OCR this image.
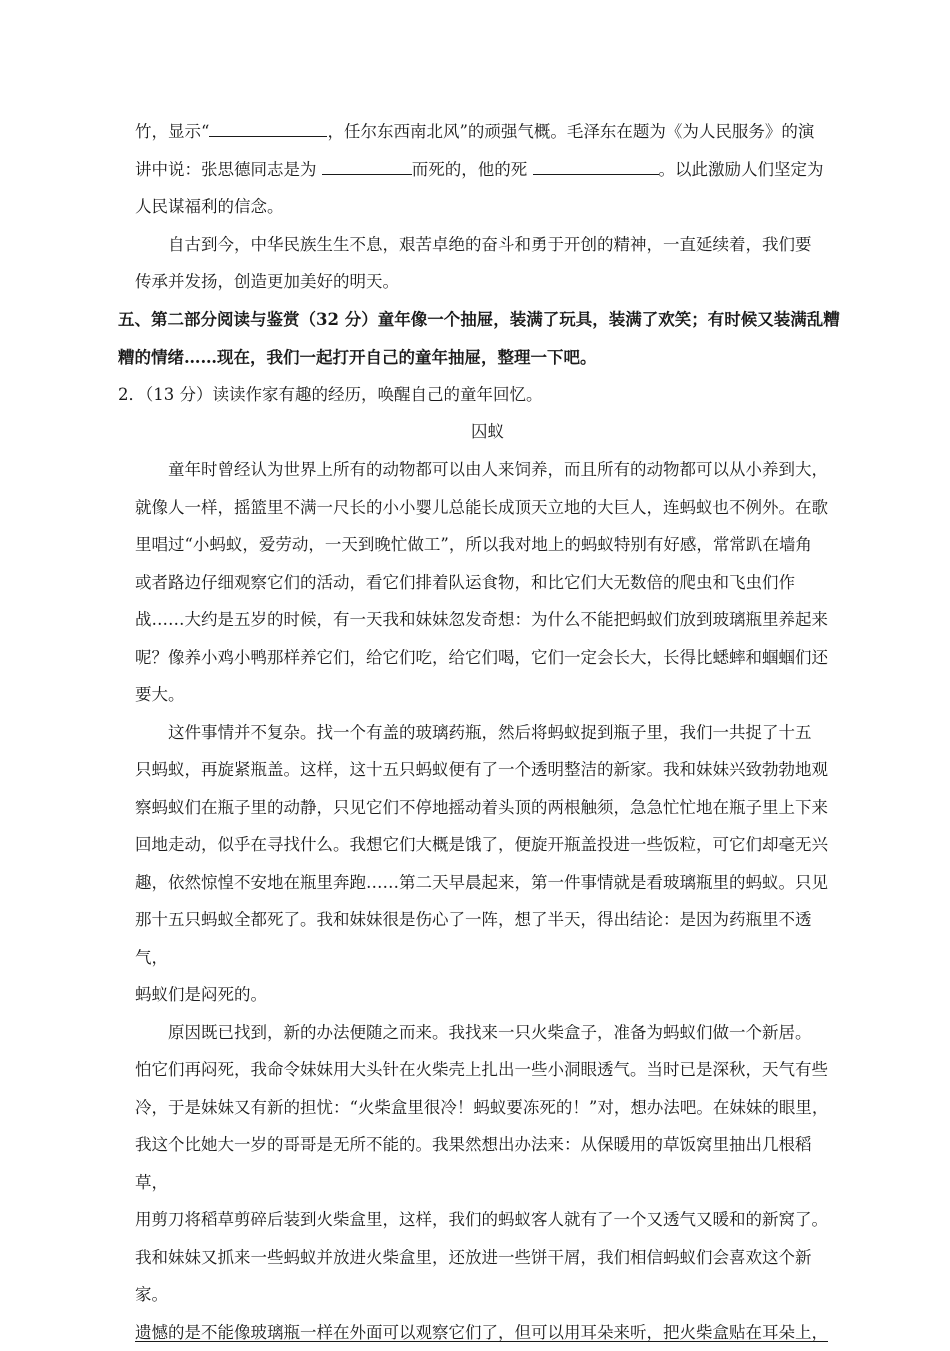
竹，显示“	，任尔东西南北风”的顽强气概。毛泽东在题为《为人民服务》的演

讲中说：张思德同志是为	而死的，他的死	。以此激励人们坚定为

人民谋福利的信念。

自古到今，中华民族生生不息，艰苦卓绝的奋斗和勇于开创的精神，一直延续着，我们要

传承并发扬，创造更加美好的明天。

五、第二部分阅读与鉴赏（32 分）童年像一个抽屉，装满了玩具，装满了欢笑；有时候又装满乱糟

糟的情绪……现在，我们一起打开自己的童年抽屉，整理一下吧。

2．（13 分）读读作家有趣的经历，唤醒自己的童年回忆。

囚蚁

童年时曾经认为世界上所有的动物都可以由人来饲养，而且所有的动物都可以从小养到大，

就像人一样，摇篮里不满一尺长的小小婴儿总能长成顶天立地的大巨人，连蚂蚁也不例外。在歌

里唱过“小蚂蚁，爱劳动，一天到晚忙做工”，所以我对地上的蚂蚁特别有好感，常常趴在墙角

或者路边仔细观察它们的活动，看它们排着队运食物，和比它们大无数倍的爬虫和飞虫们作

战……大约是五岁的时候，有一天我和妹妹忽发奇想：为什么不能把蚂蚁们放到玻璃瓶里养起来

呢？像养小鸡小鸭那样养它们，给它们吃，给它们喝，它们一定会长大，长得比蟋蟀和蝈蝈们还

要大。

这件事情并不复杂。找一个有盖的玻璃药瓶，然后将蚂蚁捉到瓶子里，我们一共捉了十五

只蚂蚁，再旋紧瓶盖。这样，这十五只蚂蚁便有了一个透明整洁的新家。我和妹妹兴致勃勃地观

察蚂蚁们在瓶子里的动静，只见它们不停地摇动着头顶的两根触须，急急忙忙地在瓶子里上下来

回地走动，似乎在寻找什么。我想它们大概是饿了，便旋开瓶盖投进一些饭粒，可它们却毫无兴

趣，依然惊惶不安地在瓶里奔跑……第二天早晨起来，第一件事情就是看玻璃瓶里的蚂蚁。只见

那十五只蚂蚁全都死了。我和妹妹很是伤心了一阵，想了半天，得出结论：是因为药瓶里不透气，

蚂蚁们是闷死的。

原因既已找到，新的办法便随之而来。我找来一只火柴盒子，准备为蚂蚁们做一个新居。

怕它们再闷死，我命令妹妹用大头针在火柴壳上扎出一些小洞眼透气。当时已是深秋，天气有些

冷，于是妹妹又有新的担忧：“火柴盒里很冷！蚂蚁要冻死的！”对，想办法吧。在妹妹的眼里，

我这个比她大一岁的哥哥是无所不能的。我果然想出办法来：从保暖用的草饭窝里抽出几根稻草，

用剪刀将稻草剪碎后装到火柴盒里，这样，我们的蚂蚁客人就有了一个又透气又暖和的新窝了。

我和妹妹又抓来一些蚂蚁并放进火柴盒里，还放进一些饼干屑，我们相信蚂蚁们会喜欢这个新家。

遗憾的是不能像玻璃瓶一样在外面可以观察它们了，但可以用耳朵来听，把火柴盒贴在耳朵上，
